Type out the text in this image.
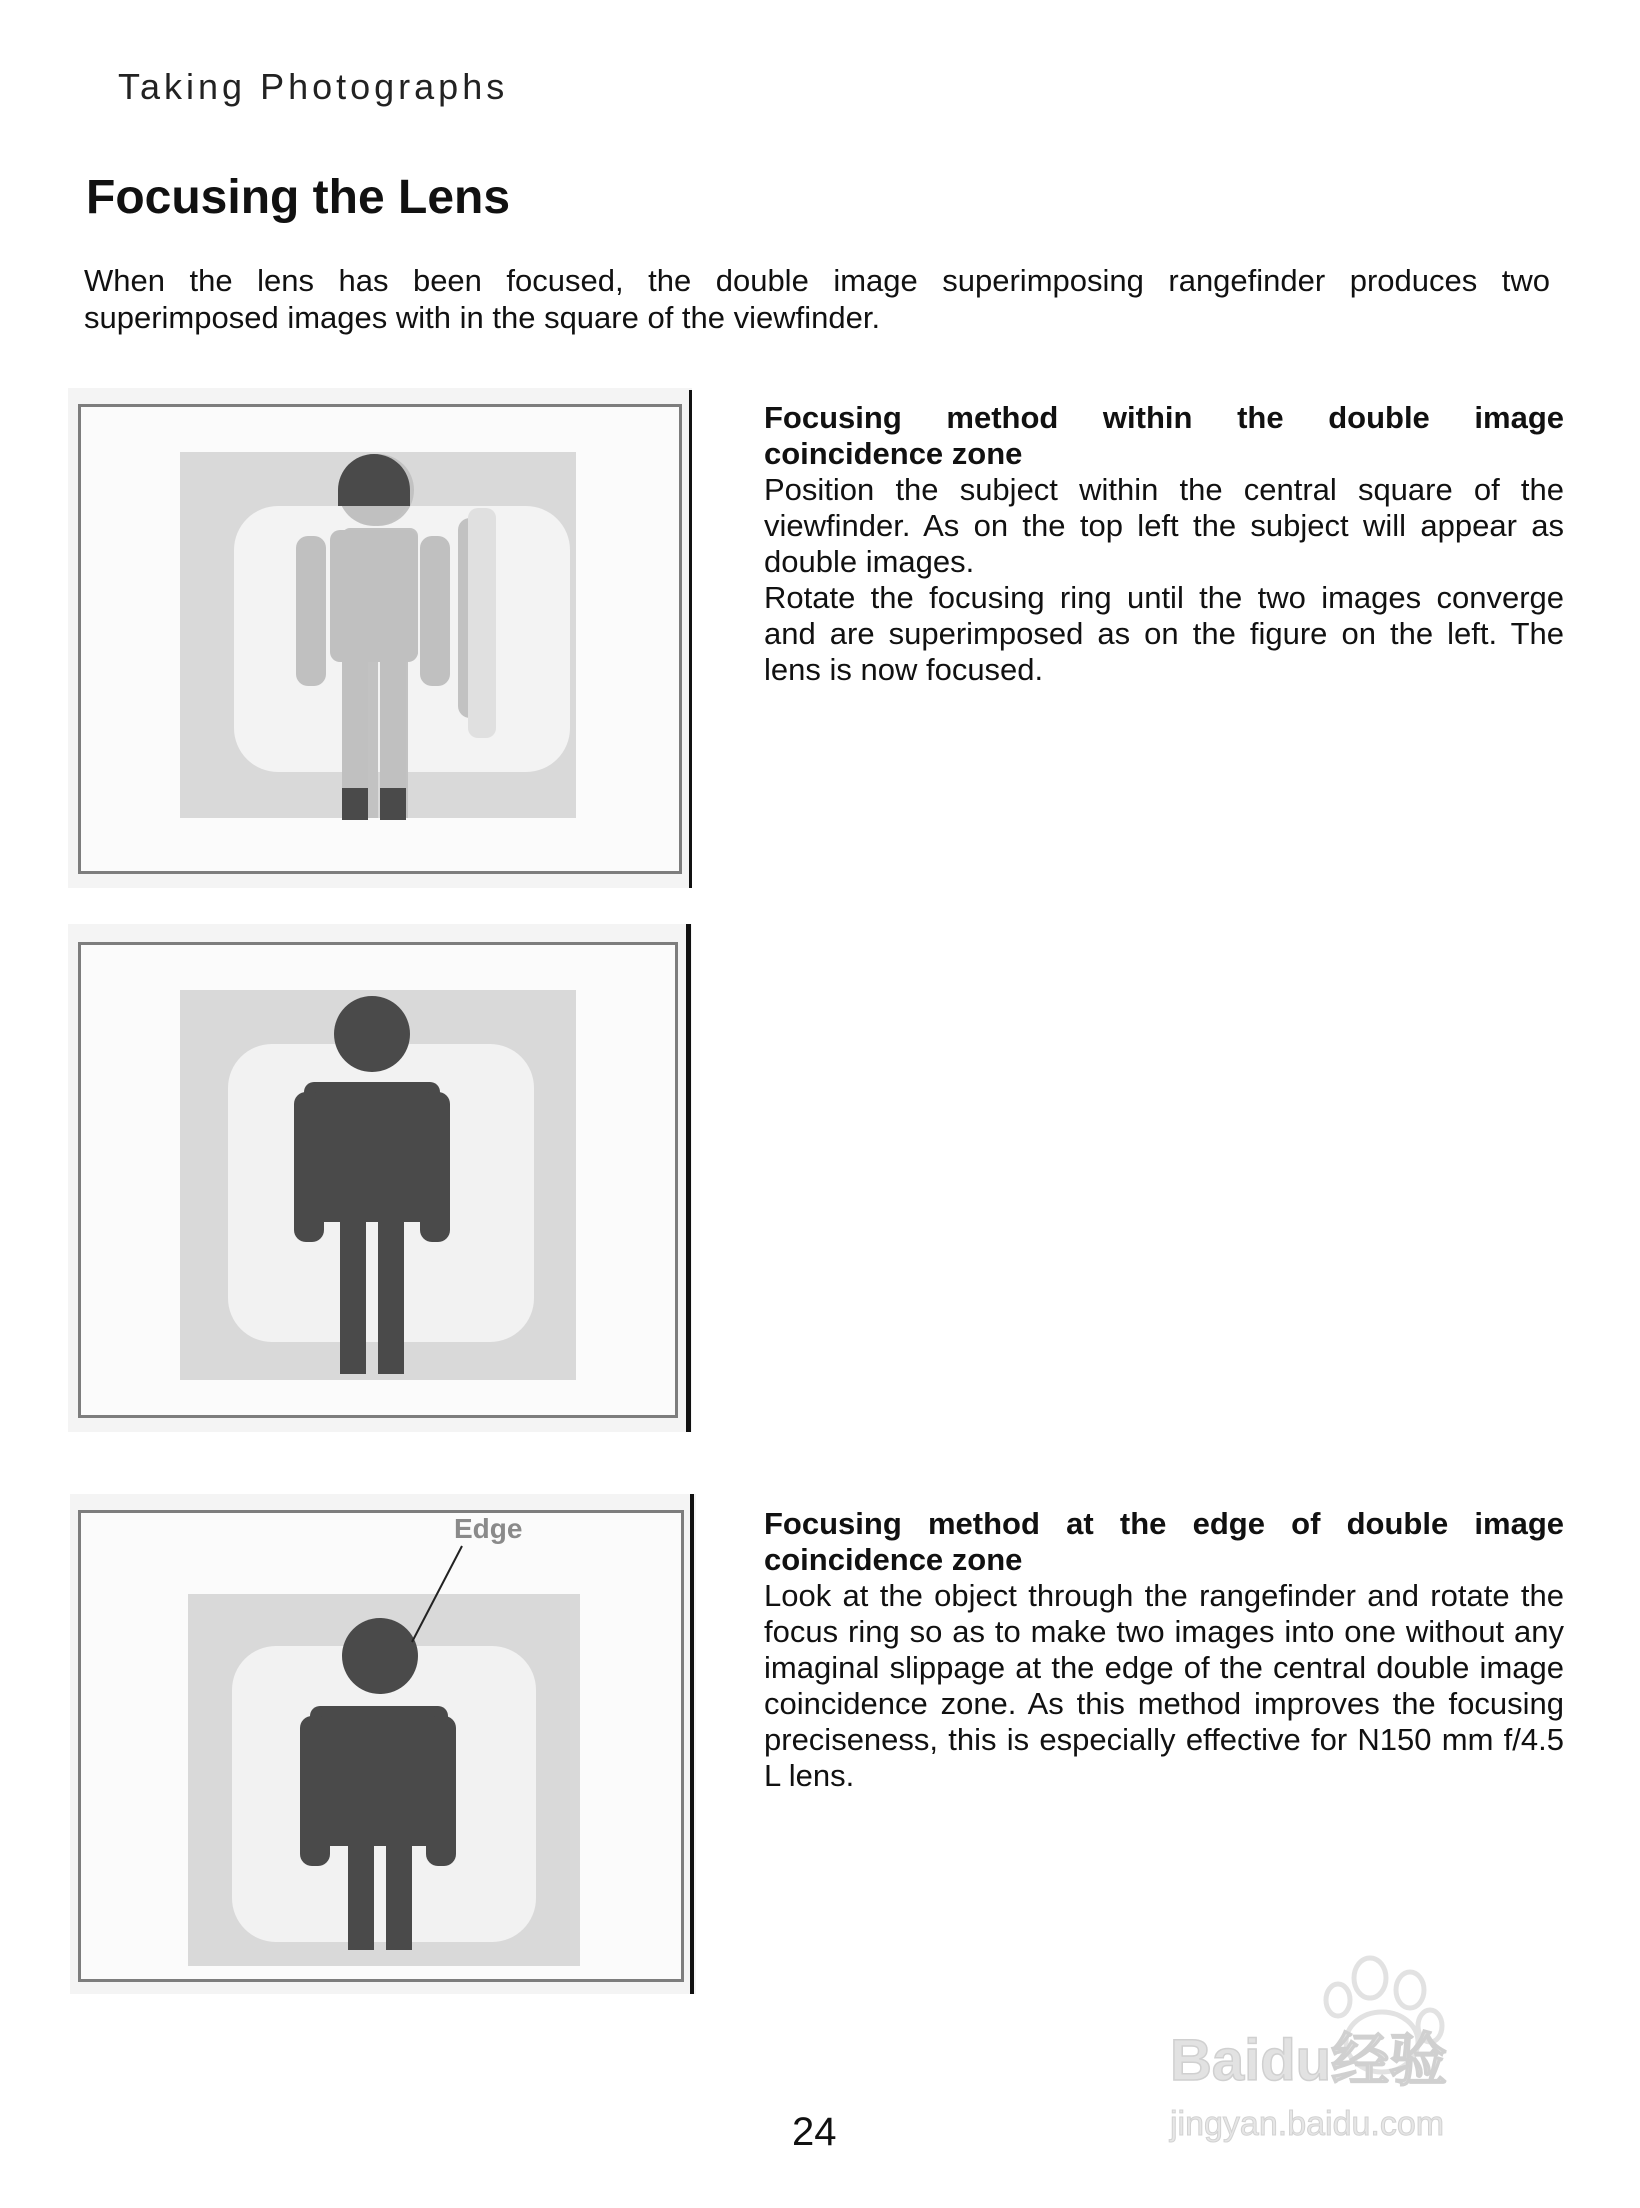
Taking Photographs
Focusing the Lens

When the lens has been focused, the double image superimposing rangefinder produces two superimposed images with in the square of the viewfinder.

Edge
Focusing method within the double image coincidence zone

Position the subject within the central square of the viewfinder. As on the top left the subject will appear as double images.

Rotate the focusing ring until the two images converge and are superimposed as on the figure on the left. The lens is now focused.

Focusing method at the edge of double image coincidence zone

Look at the object through the rangefinder and rotate the focus ring so as to make two images into one without any imaginal slippage at the edge of the central double image coincidence zone. As this method improves the focusing preciseness, this is especially effective for N150 mm f/4.5 L lens.

24
Baidu经验
jingyan.baidu.com
